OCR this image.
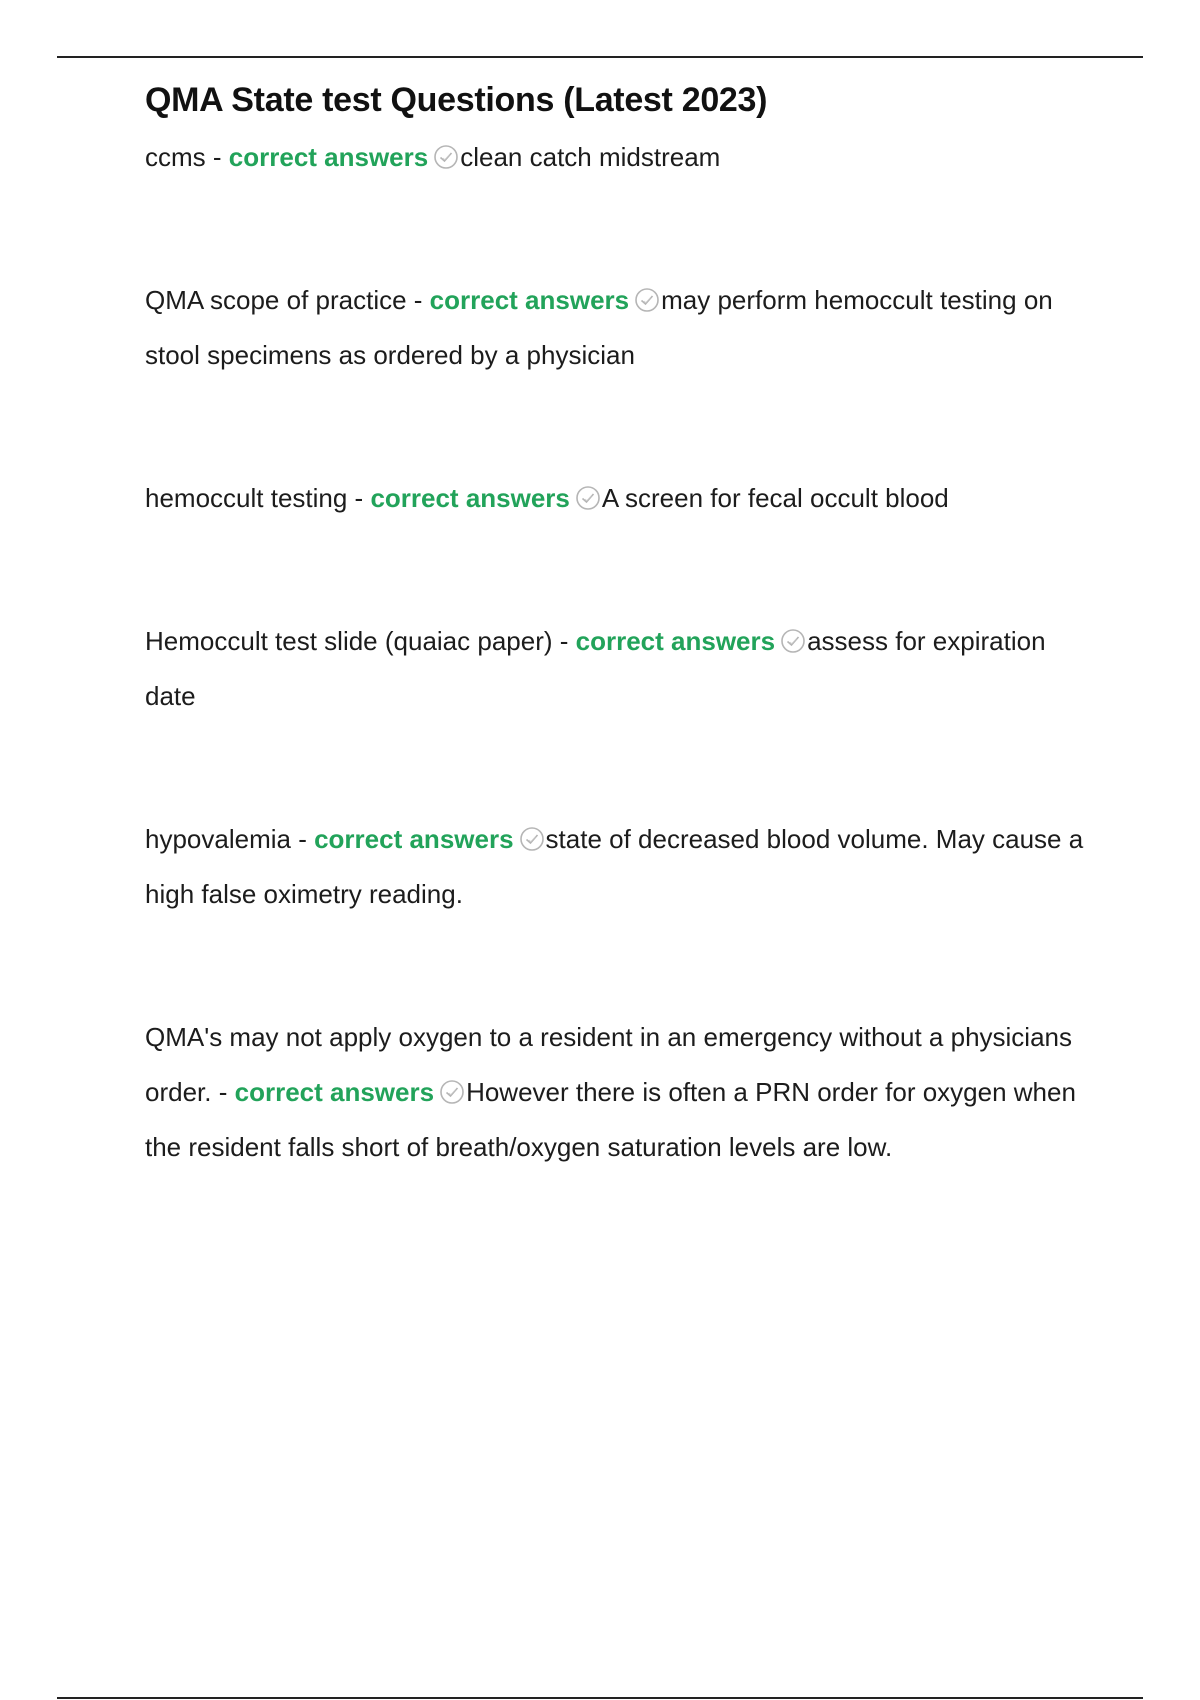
QMA State test Questions (Latest 2023)

ccms - correct answers clean catch midstream

QMA scope of practice - correct answers may perform hemoccult testing on stool specimens as ordered by a physician

hemoccult testing - correct answers A screen for fecal occult blood

Hemoccult test slide (quaiac paper) - correct answers assess for expiration date

hypovalemia - correct answers state of decreased blood volume. May cause a high false oximetry reading.

QMA's may not apply oxygen to a resident in an emergency without a physicians order. - correct answers However there is often a PRN order for oxygen when the resident falls short of breath/oxygen saturation levels are low.
